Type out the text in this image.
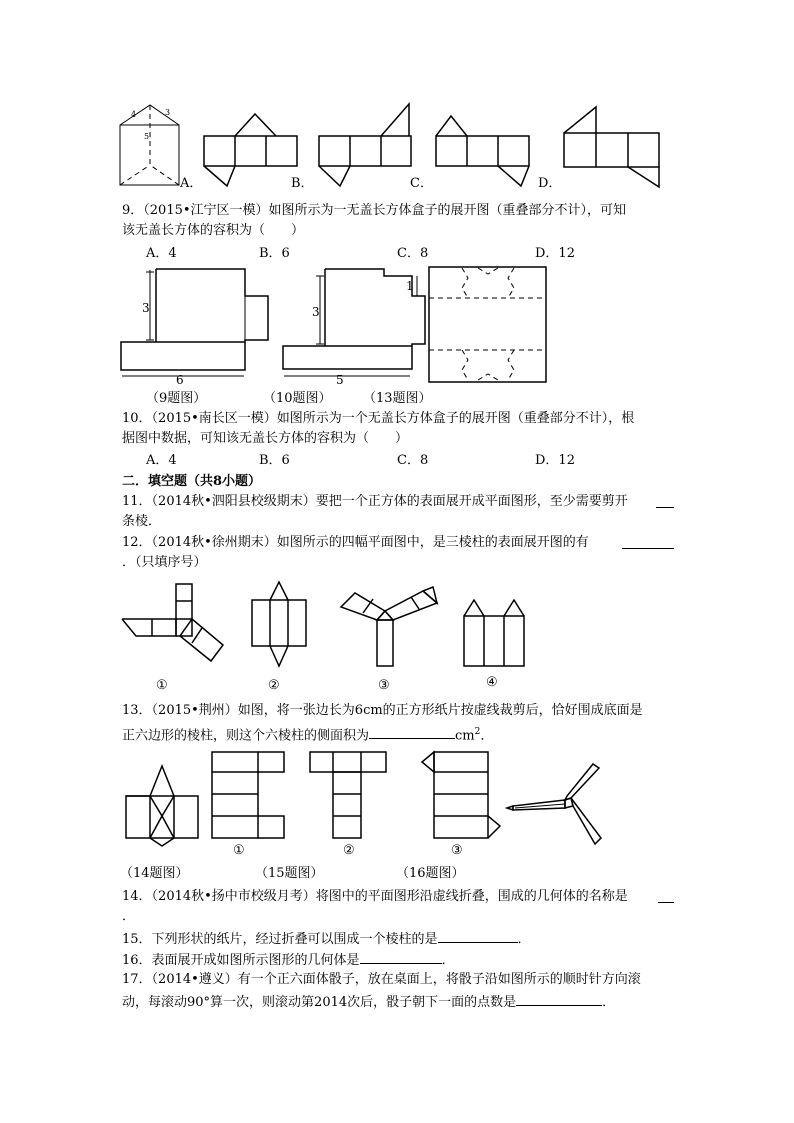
4	3
5
A．	B．	C．	D．
9．（2015•江宁区一模）如图所示为一无盖长方体盒子的展开图（重叠部分不计），可知
该无盖长方体的容积为（　　）
A．4	B．6	C．8	D．12
3
6
3
1
5
（9题图）	（10题图） （13题图）
10．（2015•南长区一模）如图所示为一个无盖长方体盒子的展开图（重叠部分不计），根
据图中数据，可知该无盖长方体的容积为（　　）
A．4	B．6	C．8	D．12
二．填空题（共8小题）
11．（2014秋•泗阳县校级期末）要把一个正方体的表面展开成平面图形，至少需要剪开
条棱．
12．（2014秋•徐州期末）如图所示的四幅平面图中，是三棱柱的表面展开图的有
．（只填序号）
①	②	③	④
13．（2015•荆州）如图，将一张边长为6cm的正方形纸片按虚线裁剪后，恰好围成底面是
正六边形的棱柱，则这个六棱柱的侧面积为	$cm^2$．
①	②	③
（14题图）	（15题图）	（16题图）
14．（2014秋•扬中市校级月考）将图中的平面图形沿虚线折叠，围成的几何体的名称是
．
15．下列形状的纸片，经过折叠可以围成一个棱柱的是	．
16．表面展开成如图所示图形的几何体是	．
17．（2014•遵义）有一个正六面体骰子，放在桌面上，将骰子沿如图所示的顺时针方向滚
动，每滚动90°算一次，则滚动第2014次后，骰子朝下一面的点数是	．
